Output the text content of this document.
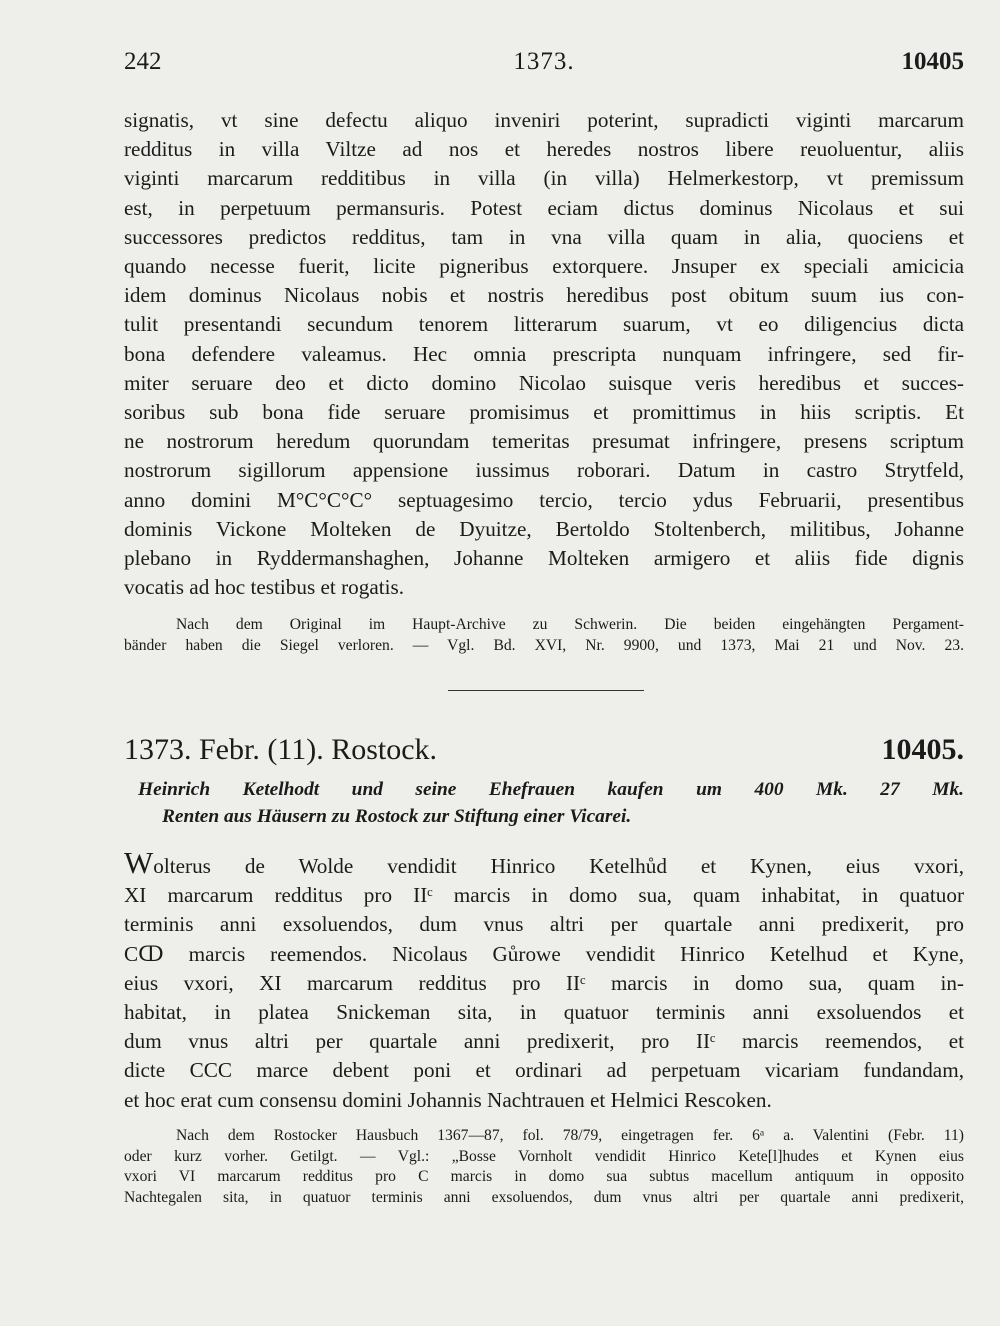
242	1373.	10405
signatis, vt sine defectu aliquo inveniri poterint, supradicti viginti marcarum
redditus in villa Viltze ad nos et heredes nostros libere reuoluentur, aliis
viginti marcarum redditibus in villa (in villa) Helmerkestorp, vt premissum
est, in perpetuum permansuris. Potest eciam dictus dominus Nicolaus et sui
successores predictos redditus, tam in vna villa quam in alia, quociens et
quando necesse fuerit, licite pigneribus extorquere. Jnsuper ex speciali amicicia
idem dominus Nicolaus nobis et nostris heredibus post obitum suum ius con-
tulit presentandi secundum tenorem litterarum suarum, vt eo diligencius dicta
bona defendere valeamus. Hec omnia prescripta nunquam infringere, sed fir-
miter seruare deo et dicto domino Nicolao suisque veris heredibus et succes-
soribus sub bona fide seruare promisimus et promittimus in hiis scriptis. Et
ne nostrorum heredum quorundam temeritas presumat infringere, presens scriptum
nostrorum sigillorum appensione iussimus roborari. Datum in castro Strytfeld,
anno domini M°C°C°C° septuagesimo tercio, tercio ydus Februarii, presentibus
dominis Vickone Molteken de Dyuitze, Bertoldo Stoltenberch, militibus, Johanne
plebano in Ryddermanshaghen, Johanne Molteken armigero et aliis fide dignis
vocatis ad hoc testibus et rogatis.
Nach dem Original im Haupt-Archive zu Schwerin. Die beiden eingehängten Pergament-
bänder haben die Siegel verloren. — Vgl. Bd. XVI, Nr. 9900, und 1373, Mai 21 und Nov. 23.
1373. Febr. (11). Rostock.	10405.
Heinrich Ketelhodt und seine Ehefrauen kaufen um 400 Mk. 27 Mk.
Renten aus Häusern zu Rostock zur Stiftung einer Vicarei.
Wolterus de Wolde vendidit Hinrico Ketelhůd et Kynen, eius vxori,
XI marcarum redditus pro IIᶜ marcis in domo sua, quam inhabitat, in quatuor
terminis anni exsoluendos, dum vnus altri per quartale anni predixerit, pro
Cↀ marcis reemendos. Nicolaus Gůrowe vendidit Hinrico Ketelhud et Kyne,
eius vxori, XI marcarum redditus pro IIᶜ marcis in domo sua, quam in-
habitat, in platea Snickeman sita, in quatuor terminis anni exsoluendos et
dum vnus altri per quartale anni predixerit, pro IIᶜ marcis reemendos, et
dicte CCC marce debent poni et ordinari ad perpetuam vicariam fundandam,
et hoc erat cum consensu domini Johannis Nachtrauen et Helmici Rescoken.
Nach dem Rostocker Hausbuch 1367—87, fol. 78/79, eingetragen fer. 6ᵃ a. Valentini (Febr. 11)
oder kurz vorher. Getilgt. — Vgl.: „Bosse Vornholt vendidit Hinrico Kete[l]hudes et Kynen eius
vxori VI marcarum redditus pro C marcis in domo sua subtus macellum antiquum in opposito
Nachtegalen sita, in quatuor terminis anni exsoluendos, dum vnus altri per quartale anni predixerit,
